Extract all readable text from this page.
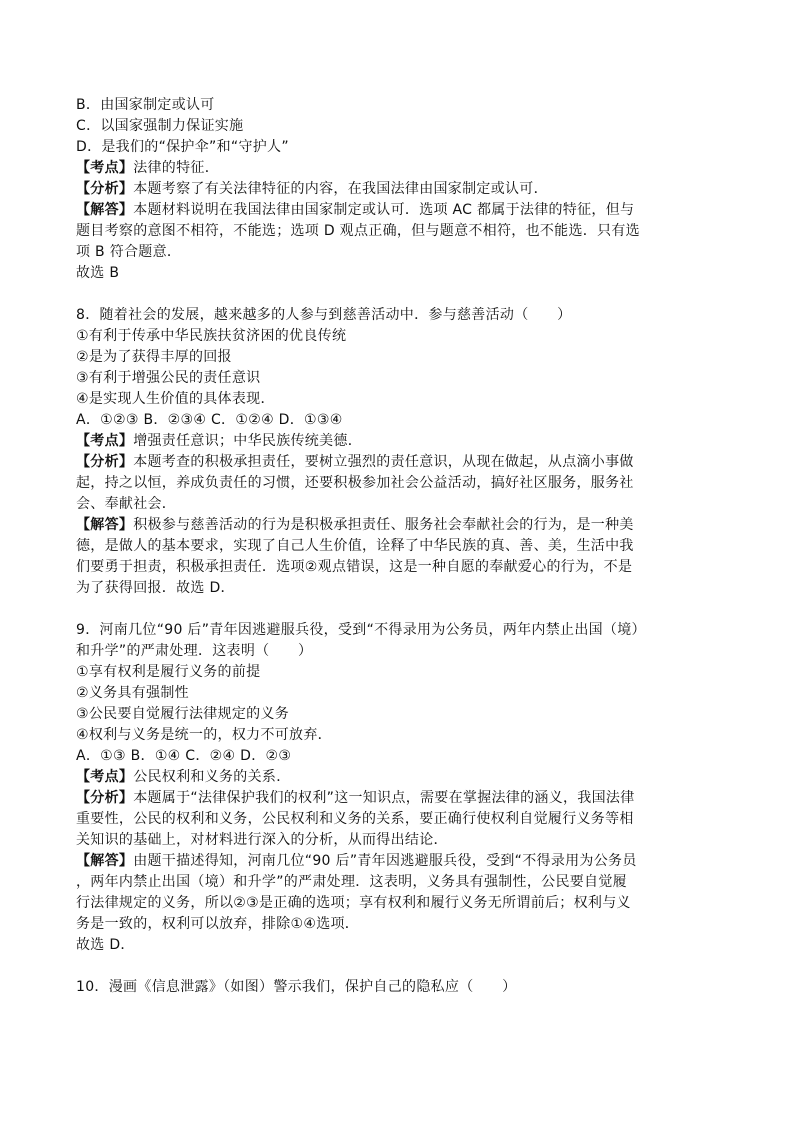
B．由国家制定或认可
C．以国家强制力保证实施
D．是我们的“保护伞”和“守护人”
【考点】法律的特征．
【分析】本题考察了有关法律特征的内容，在我国法律由国家制定或认可．
【解答】本题材料说明在我国法律由国家制定或认可．选项 AC 都属于法律的特征，但与
题目考察的意图不相符，不能选；选项 D 观点正确，但与题意不相符，也不能选．只有选
项 B 符合题意．
故选 B
8．随着社会的发展，越来越多的人参与到慈善活动中．参与慈善活动（　　）
①有利于传承中华民族扶贫济困的优良传统
②是为了获得丰厚的回报
③有利于增强公民的责任意识
④是实现人生价值的具体表现．
A．①②③ B．②③④ C．①②④ D．①③④
【考点】增强责任意识；中华民族传统美德．
【分析】本题考查的积极承担责任，要树立强烈的责任意识，从现在做起，从点滴小事做
起，持之以恒，养成负责任的习惯，还要积极参加社会公益活动，搞好社区服务，服务社
会、奉献社会．
【解答】积极参与慈善活动的行为是积极承担责任、服务社会奉献社会的行为，是一种美
德，是做人的基本要求，实现了自己人生价值，诠释了中华民族的真、善、美，生活中我
们要勇于担责，积极承担责任．选项②观点错误，这是一种自愿的奉献爱心的行为，不是
为了获得回报．故选 D．
9．河南几位“90 后”青年因逃避服兵役，受到“不得录用为公务员，两年内禁止出国（境）
和升学”的严肃处理．这表明（　　）
①享有权利是履行义务的前提
②义务具有强制性
③公民要自觉履行法律规定的义务
④权利与义务是统一的，权力不可放弃．
A．①③ B．①④ C．②④ D．②③
【考点】公民权利和义务的关系．
【分析】本题属于“法律保护我们的权利”这一知识点，需要在掌握法律的涵义，我国法律
重要性，公民的权利和义务，公民权利和义务的关系，要正确行使权利自觉履行义务等相
关知识的基础上，对材料进行深入的分析，从而得出结论．
【解答】由题干描述得知，河南几位“90 后”青年因逃避服兵役，受到“不得录用为公务员
，两年内禁止出国（境）和升学”的严肃处理．这表明，义务具有强制性，公民要自觉履
行法律规定的义务，所以②③是正确的选项；享有权利和履行义务无所谓前后；权利与义
务是一致的，权利可以放弃，排除①④选项．
故选 D．
10．漫画《信息泄露》（如图）警示我们，保护自己的隐私应（　　）
